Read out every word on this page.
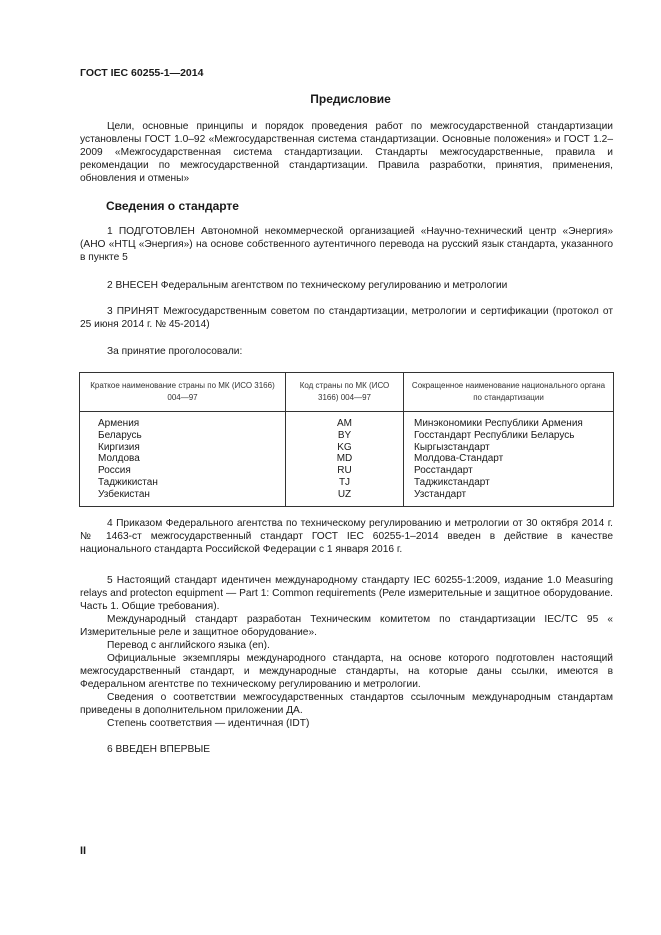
ГОСТ IEC 60255-1—2014
Предисловие
Цели, основные принципы и порядок проведения работ по межгосударственной стандартизации установлены ГОСТ 1.0–92 «Межгосударственная система стандартизации. Основные положения» и ГОСТ 1.2–2009 «Межгосударственная система стандартизации. Стандарты межгосударственные, правила и рекомендации по межгосударственной стандартизации. Правила разработки, принятия, применения, обновления и отмены»
Сведения о стандарте
1 ПОДГОТОВЛЕН Автономной некоммерческой организацией «Научно-технический центр «Энергия» (АНО «НТЦ «Энергия») на основе собственного аутентичного перевода на русский язык стандарта, указанного в пункте 5
2 ВНЕСЕН Федеральным агентством по техническому регулированию и метрологии
3 ПРИНЯТ Межгосударственным советом по стандартизации, метрологии и сертификации (протокол от 25 июня 2014 г. № 45-2014)
За принятие проголосовали:
Краткое наименование страны по МК (ИСО 3166) 004—97	Код страны по МК (ИСО 3166) 004—97	Сокращенное наименование национального органа по стандартизации
Армения	AM	Минэкономики Республики Армения
Беларусь	BY	Госстандарт Республики Беларусь
Киргизия	KG	Кыргызстандарт
Молдова	MD	Молдова-Стандарт
Россия	RU	Росстандарт
Таджикистан	TJ	Таджикстандарт
Узбекистан	UZ	Узстандарт
4 Приказом Федерального агентства по техническому регулированию и метрологии от 30 октября 2014 г. № 1463-ст межгосударственный стандарт ГОСТ IEC 60255-1–2014 введен в действие в качестве национального стандарта Российской Федерации с 1 января 2016 г.
5 Настоящий стандарт идентичен международному стандарту IEC 60255-1:2009, издание 1.0 Measuring relays and protecton equipment — Part 1: Common requirements (Реле измерительные и защитное оборудование. Часть 1. Общие требования).
Международный стандарт разработан Техническим комитетом по стандартизации IEC/TC 95 « Измерительные реле и защитное оборудование».
Перевод с английского языка (en).
Официальные экземпляры международного стандарта, на основе которого подготовлен настоящий межгосударственный стандарт, и международные стандарты, на которые даны ссылки, имеются в Федеральном агентстве по техническому регулированию и метрологии.
Сведения о соответствии межгосударственных стандартов ссылочным международным стандартам приведены в дополнительном приложении ДА.
Степень соответствия — идентичная (IDT)
6 ВВЕДЕН ВПЕРВЫЕ
II
